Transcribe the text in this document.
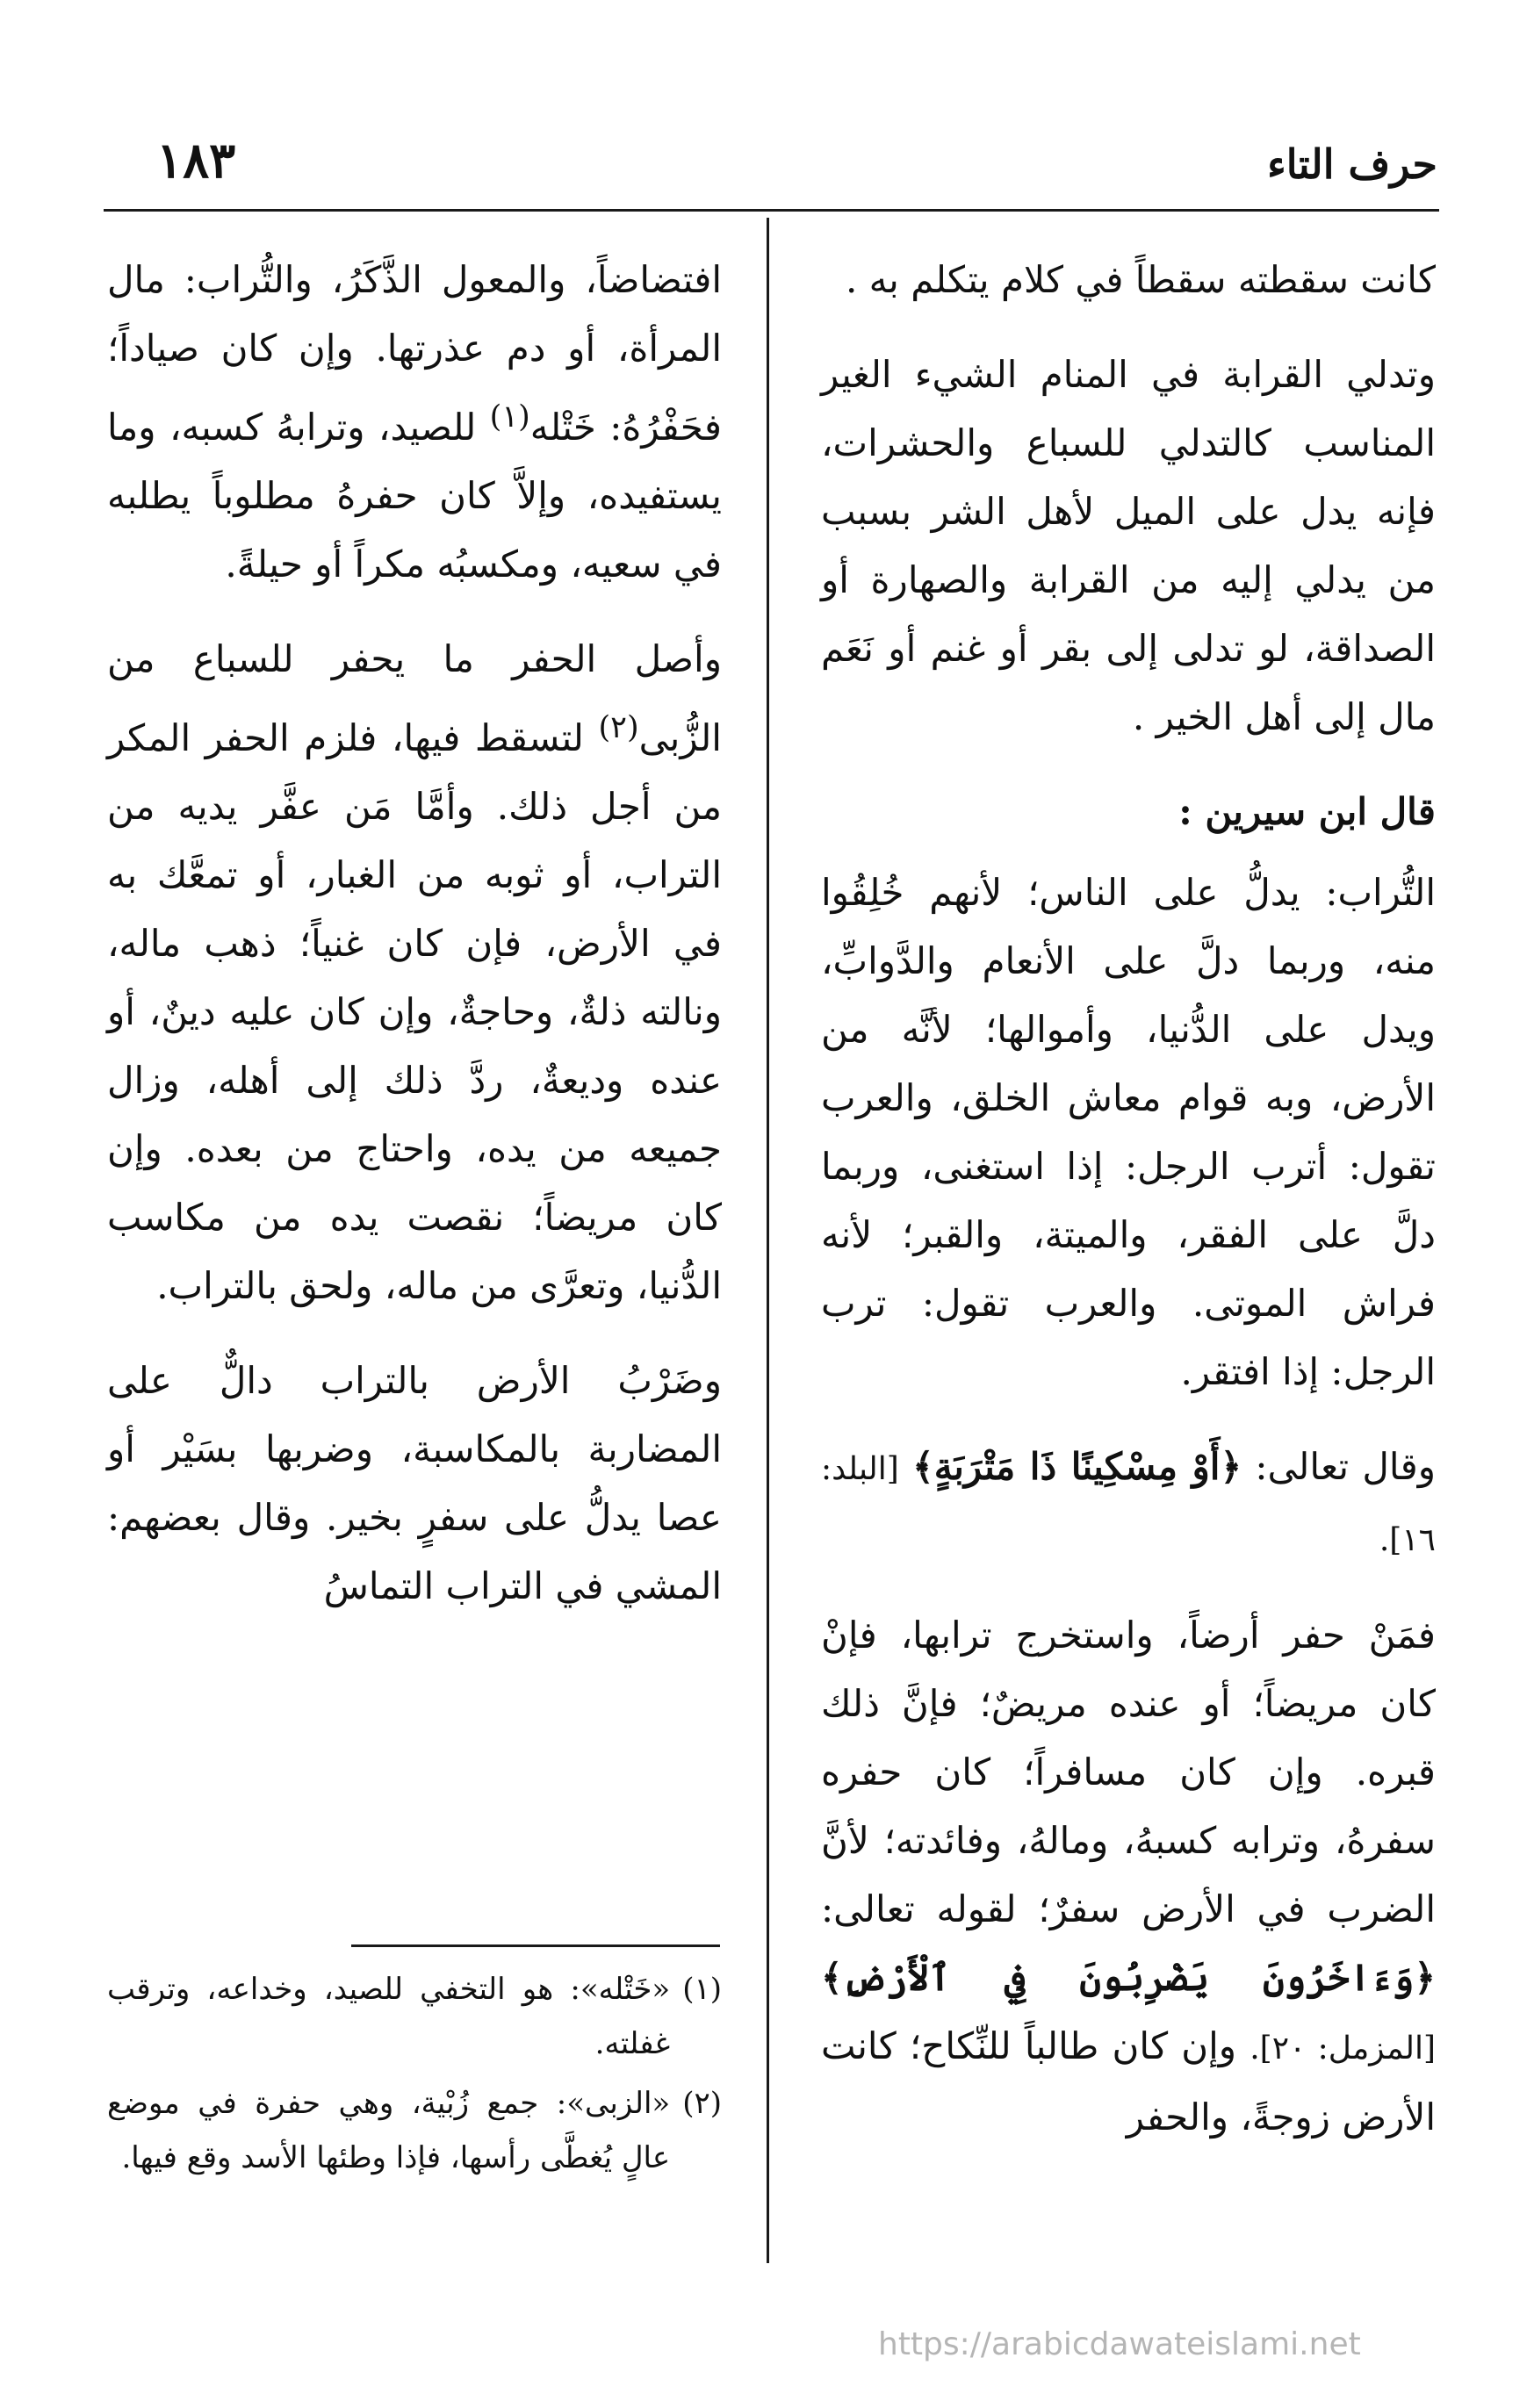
حرف التاء
١٨٣

كانت سقطته سقطاً في كلام يتكلم به .

وتدلي القرابة في المنام الشيء الغير المناسب كالتدلي للسباع والحشرات، فإنه يدل على الميل لأهل الشر بسبب من يدلي إليه من القرابة والصهارة أو الصداقة، لو تدلى إلى بقر أو غنم أو نَعَم مال إلى أهل الخير .

قال ابن سيرين :

التُّراب: يدلُّ على الناس؛ لأنهم خُلِقُوا منه، وربما دلَّ على الأنعام والدَّوابِّ، ويدل على الدُّنيا، وأموالها؛ لأنَّه من الأرض، وبه قوام معاش الخلق، والعرب تقول: أترب الرجل: إذا استغنى، وربما دلَّ على الفقر، والميتة، والقبر؛ لأنه فراش الموتى. والعرب تقول: ترب الرجل: إذا افتقر.

وقال تعالى: ﴿أَوْ مِسْكِينًا ذَا مَتْرَبَةٍ﴾ [البلد: ١٦].

فمَنْ حفر أرضاً، واستخرج ترابها، فإنْ كان مريضاً؛ أو عنده مريضٌ؛ فإنَّ ذلك قبره. وإن كان مسافراً؛ كان حفره سفرهُ، وترابه كسبهُ، ومالهُ، وفائدته؛ لأنَّ الضرب في الأرض سفرٌ؛ لقوله تعالى: ﴿وَءَاخَرُونَ يَضْرِبُونَ فِي ٱلْأَرْضِ﴾ [المزمل: ٢٠]. وإن كان طالباً للنِّكاح؛ كانت الأرض زوجةً، والحفر

افتضاضاً، والمعول الذَّكَرُ، والتُّراب: مال المرأة، أو دم عذرتها. وإن كان صياداً؛ فحَفْرُهُ: خَتْله$^{(١)}$ للصيد، وترابهُ كسبه، وما يستفيده، وإلاَّ كان حفرهُ مطلوباً يطلبه في سعيه، ومكسبُه مكراً أو حيلةً.

وأصل الحفر ما يحفر للسباع من الزُّبى$^{(٢)}$ لتسقط فيها، فلزم الحفر المكر من أجل ذلك. وأمَّا مَن عفَّر يديه من التراب، أو ثوبه من الغبار، أو تمعَّك به في الأرض، فإن كان غنياً؛ ذهب ماله، ونالته ذلةٌ، وحاجةٌ، وإن كان عليه دينٌ، أو عنده وديعةٌ، ردَّ ذلك إلى أهله، وزال جميعه من يده، واحتاج من بعده. وإن كان مريضاً؛ نقصت يده من مكاسب الدُّنيا، وتعرَّى من ماله، ولحق بالتراب.

وضَرْبُ الأرض بالتراب دالٌّ على المضاربة بالمكاسبة، وضربها بسَيْر أو عصا يدلُّ على سفرٍ بخير. وقال بعضهم: المشي في التراب التماسُ

(١)
«خَتْله»: هو التخفي للصيد، وخداعه، وترقب غفلته.
(٢)
«الزبى»: جمع زُبْية، وهي حفرة في موضع عالٍ يُغطَّى رأسها، فإذا وطئها الأسد وقع فيها.
https://arabicdawateislami.net
